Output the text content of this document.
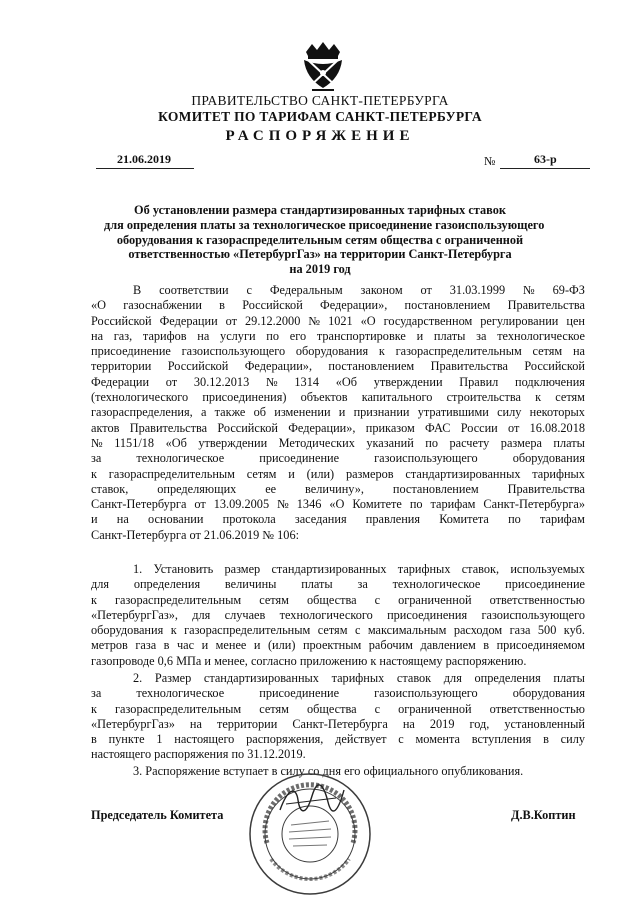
ПРАВИТЕЛЬСТВО САНКТ-ПЕТЕРБУРГА
КОМИТЕТ ПО ТАРИФАМ САНКТ-ПЕТЕРБУРГА
РАСПОРЯЖЕНИЕ
21.06.2019	№	63-р
Об установлении размера стандартизированных тарифных ставок
для определения платы за технологическое присоединение газоиспользующего
оборудования к газораспределительным сетям общества с ограниченной
ответственностью «ПетербургГаз» на территории Санкт-Петербурга
на 2019 год
В соответствии с Федеральным законом от 31.03.1999 № 69-ФЗ
«О газоснабжении в Российской Федерации», постановлением Правительства
Российской Федерации от 29.12.2000 № 1021 «О государственном регулировании цен
на газ, тарифов на услуги по его транспортировке и платы за технологическое
присоединение газоиспользующего оборудования к газораспределительным сетям на
территории Российской Федерации», постановлением Правительства Российской
Федерации от 30.12.2013 № 1314 «Об утверждении Правил подключения
(технологического присоединения) объектов капитального строительства к сетям
газораспределения, а также об изменении и признании утратившими силу некоторых
актов Правительства Российской Федерации», приказом ФАС России от 16.08.2018
№ 1151/18 «Об утверждении Методических указаний по расчету размера платы
за	технологическое	присоединение	газоиспользующего	оборудования
к газораспределительным сетям и (или) размеров стандартизированных тарифных
ставок, определяющих ее величину», постановлением Правительства
Санкт-Петербурга от 13.09.2005 № 1346 «О Комитете по тарифам Санкт-Петербурга»
и на основании протокола заседания правления Комитета по тарифам
Санкт-Петербурга от 21.06.2019 № 106:
1. Установить размер стандартизированных тарифных ставок, используемых
для определения величины платы за технологическое присоединение
к газораспределительным сетям общества с ограниченной ответственностью
«ПетербургГаз», для случаев технологического присоединения газоиспользующего
оборудования к газораспределительным сетям с максимальным расходом газа 500 куб.
метров газа в час и менее и (или) проектным рабочим давлением в присоединяемом
газопроводе 0,6 МПа и менее, согласно приложению к настоящему распоряжению.
2. Размер стандартизированных тарифных ставок для определения платы
за	технологическое	присоединение	газоиспользующего	оборудования
к газораспределительным сетям общества с ограниченной ответственностью
«ПетербургГаз» на территории Санкт-Петербурга на 2019 год, установленный
в пункте 1 настоящего распоряжения, действует с момента вступления в силу
настоящего распоряжения по 31.12.2019.
3. Распоряжение вступает в силу со дня его официального опубликования.
Председатель Комитета	Д.В.Коптин
